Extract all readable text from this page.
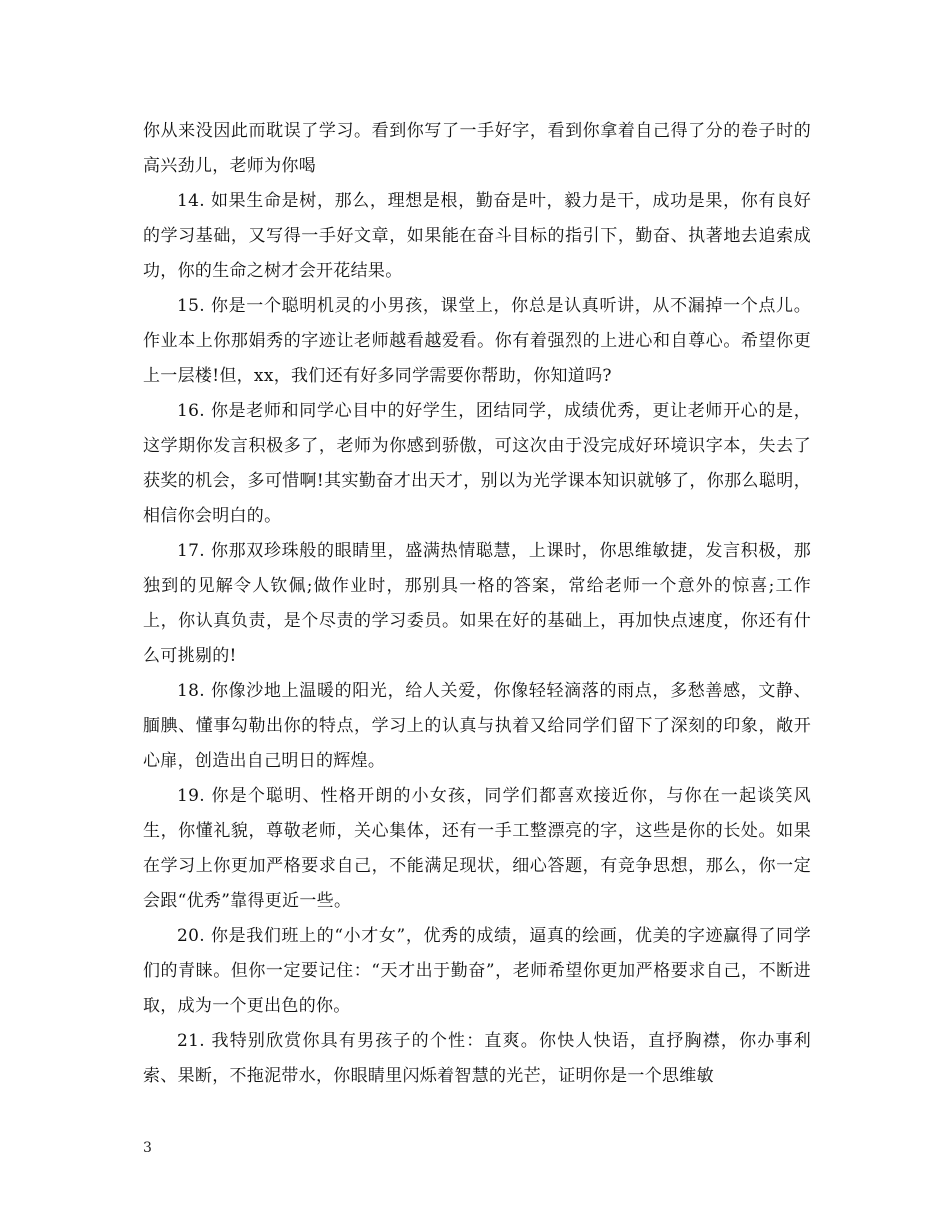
你从来没因此而耽误了学习。看到你写了一手好字，看到你拿着自己得了分的卷子时的高兴劲儿，老师为你喝

14. 如果生命是树，那么，理想是根，勤奋是叶，毅力是干，成功是果，你有良好的学习基础，又写得一手好文章，如果能在奋斗目标的指引下，勤奋、执著地去追索成功，你的生命之树才会开花结果。

15. 你是一个聪明机灵的小男孩，课堂上，你总是认真听讲，从不漏掉一个点儿。作业本上你那娟秀的字迹让老师越看越爱看。你有着强烈的上进心和自尊心。希望你更上一层楼!但，xx，我们还有好多同学需要你帮助，你知道吗?

16. 你是老师和同学心目中的好学生，团结同学，成绩优秀，更让老师开心的是，这学期你发言积极多了，老师为你感到骄傲，可这次由于没完成好环境识字本，失去了获奖的机会，多可惜啊!其实勤奋才出天才，别以为光学课本知识就够了，你那么聪明，相信你会明白的。

17. 你那双珍珠般的眼睛里，盛满热情聪慧，上课时，你思维敏捷，发言积极，那独到的见解令人钦佩;做作业时，那别具一格的答案，常给老师一个意外的惊喜;工作上，你认真负责，是个尽责的学习委员。如果在好的基础上，再加快点速度，你还有什么可挑剔的!

18. 你像沙地上温暖的阳光，给人关爱，你像轻轻滴落的雨点，多愁善感，文静、腼腆、懂事勾勒出你的特点，学习上的认真与执着又给同学们留下了深刻的印象，敞开心扉，创造出自己明日的辉煌。

19. 你是个聪明、性格开朗的小女孩，同学们都喜欢接近你，与你在一起谈笑风生，你懂礼貌，尊敬老师，关心集体，还有一手工整漂亮的字，这些是你的长处。如果在学习上你更加严格要求自己，不能满足现状，细心答题，有竞争思想，那么，你一定会跟“优秀”靠得更近一些。

20. 你是我们班上的“小才女”，优秀的成绩，逼真的绘画，优美的字迹赢得了同学们的青睐。但你一定要记住：“天才出于勤奋”，老师希望你更加严格要求自己，不断进取，成为一个更出色的你。

21. 我特别欣赏你具有男孩子的个性：直爽。你快人快语，直抒胸襟，你办事利索、果断，不拖泥带水，你眼睛里闪烁着智慧的光芒，证明你是一个思维敏

3
